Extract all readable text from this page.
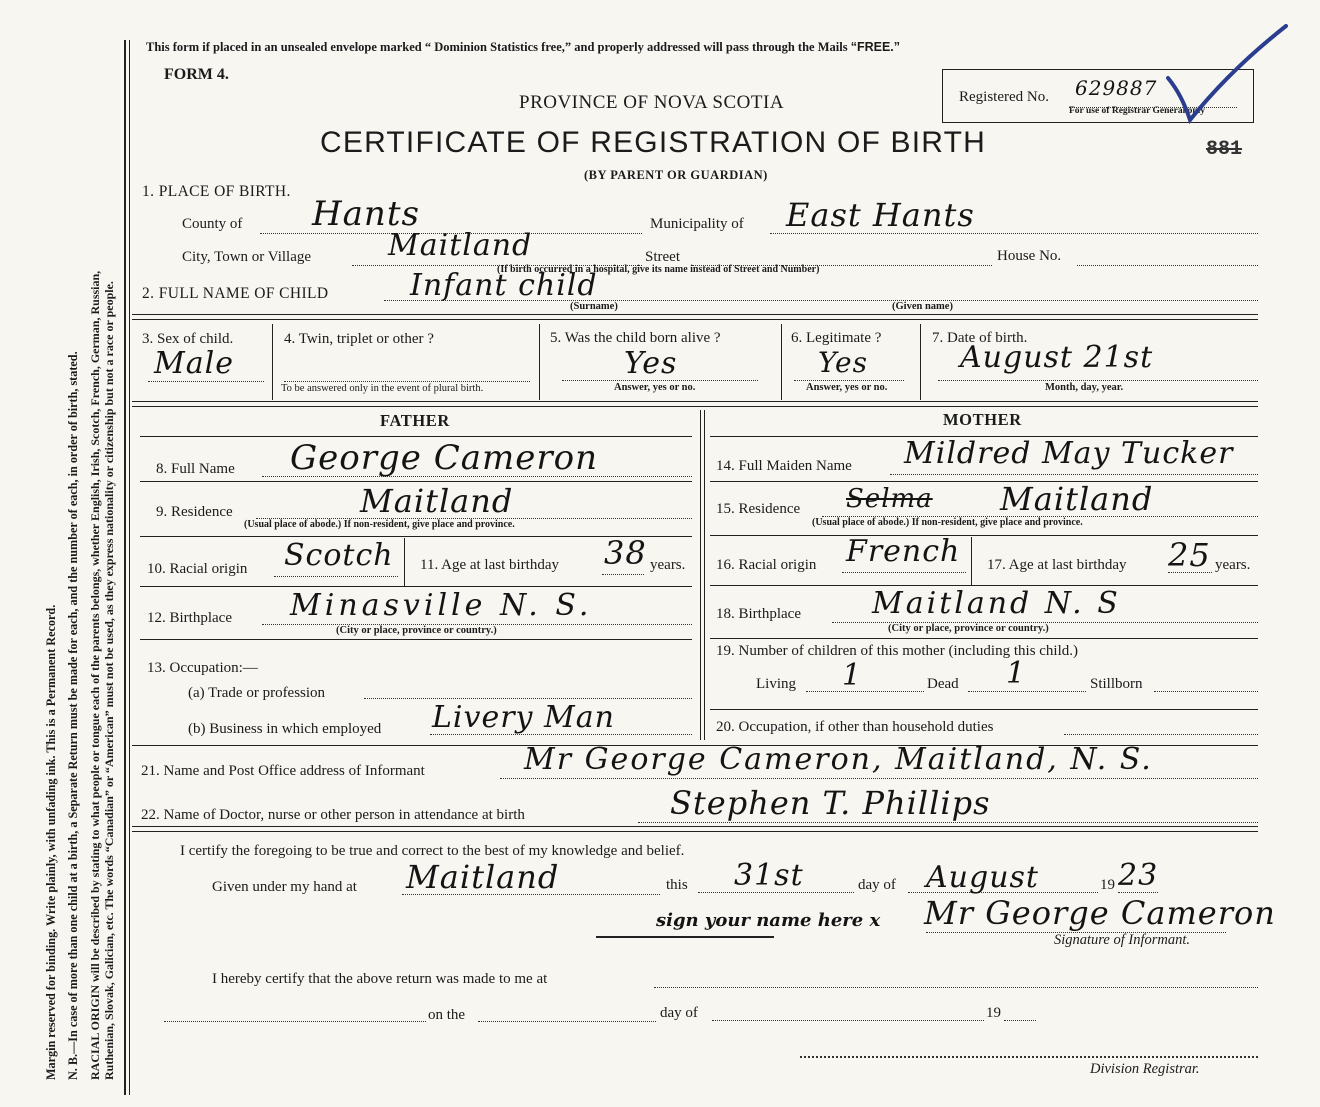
Margin reserved for binding. Write plainly, with unfading ink. This is a Permanent Record. N. B.—In case of more than one child at a birth, a Separate Return must be made for each, and the number of each, in order of birth, stated. RACIAL ORIGIN will be described by stating to what people or tongue each of the parents belongs, whether English, Irish, Scotch, French, German, Russian, Ruthenian, Slovak, Galician, etc. The words “Canadian” or “American” must not be used, as they express nationality or citizenship but not a race or people.
This form if placed in an unsealed envelope marked “ Dominion Statistics free,” and properly addressed will pass through the Mails “FREE.”
FORM 4.
PROVINCE OF NOVA SCOTIA
CERTIFICATE OF REGISTRATION OF BIRTH
(BY PARENT OR GUARDIAN)
Registered No. 629887
For use of Registrar General only
881
1. PLACE OF BIRTH.
County of Hants	Municipality of East Hants
City, Town or Village	Maitland	Street	House No.
(If birth occurred in a hospital, give its name instead of Street and Number)
2. FULL NAME OF CHILD	Infant child
(Surname)	(Given name)
3. Sex of child.
Male
4. Twin, triplet or other ?
To be answered only in the event of plural birth.
5. Was the child born alive ?
Yes
Answer, yes or no.
6. Legitimate ?
Yes
Answer, yes or no.
7. Date of birth.
August 21st
Month, day, year.
FATHER
8. Full Name George Cameron
9. Residence	Maitland
(Usual place of abode.) If non-resident, give place and province.
10. Racial origin Scotch 11. Age at last birthday 38 years.
12. Birthplace Minasville N. S.
(City or place, province or country.)
13. Occupation:—
(a) Trade or profession
(b) Business in which employed Livery Man
MOTHER
14. Full Maiden Name Mildred May Tucker
15. Residence Selma Maitland
(Usual place of abode.) If non-resident, give place and province.
16. Racial origin French 17. Age at last birthday 25 years.
18. Birthplace Maitland N. S
(City or place, province or country.)
19. Number of children of this mother (including this child.)
Living 1	Dead 1	Stillborn
20. Occupation, if other than household duties
21. Name and Post Office address of Informant	Mr George Cameron, Maitland, N. S.
22. Name of Doctor, nurse or other person in attendance at birth	Stephen T. Phillips
I certify the foregoing to be true and correct to the best of my knowledge and belief.
Given under my hand at Maitland	this 31st	day of August	19 23
sign your name here x Mr George Cameron
Signature of Informant.
I hereby certify that the above return was made to me at
on the	day of	19
Division Registrar.
